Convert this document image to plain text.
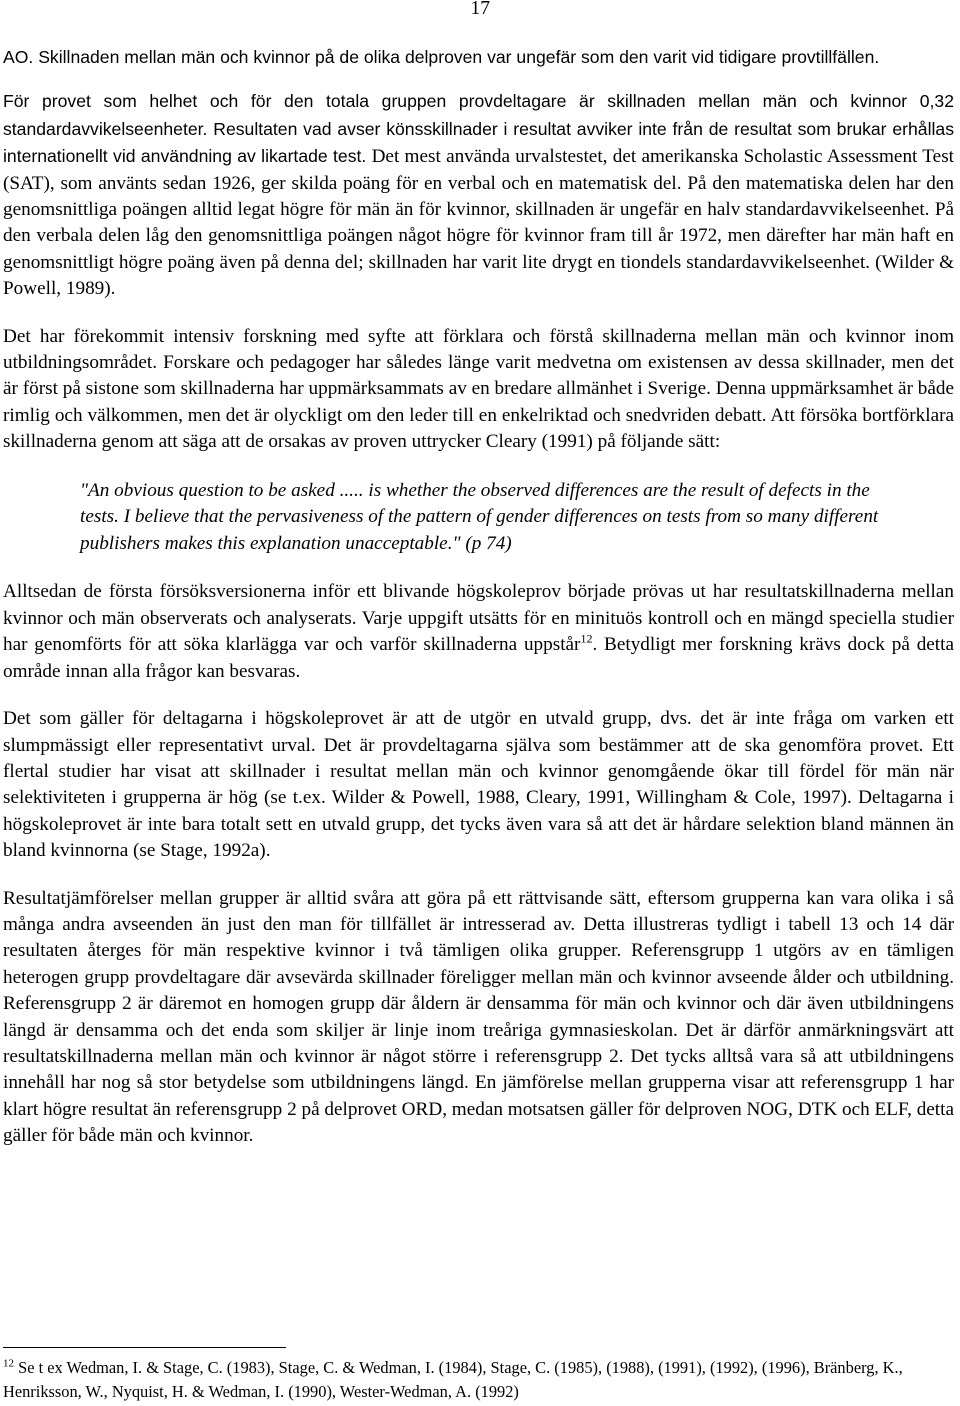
17

AO. Skillnaden mellan män och kvinnor på de olika delproven var ungefär som den varit vid tidigare provtillfällen.

För provet som helhet och för den totala gruppen provdeltagare är skillnaden mellan män och kvinnor 0,32 standardavvikelseenheter. Resultaten vad avser könsskillnader i resultat avviker inte från de resultat som brukar erhållas internationellt vid användning av likartade test. Det mest använda urvalstestet, det amerikanska Scholastic Assessment Test (SAT), som använts sedan 1926, ger skilda poäng för en verbal och en matematisk del. På den matematiska delen har den genomsnittliga poängen alltid legat högre för män än för kvinnor, skillnaden är ungefär en halv standardavvikelseenhet. På den verbala delen låg den genomsnittliga poängen något högre för kvinnor fram till år 1972, men därefter har män haft en genomsnittligt högre poäng även på denna del; skillnaden har varit lite drygt en tiondels standardavvikelseenhet. (Wilder & Powell, 1989).

Det har förekommit intensiv forskning med syfte att förklara och förstå skillnaderna mellan män och kvinnor inom utbildningsområdet. Forskare och pedagoger har således länge varit medvetna om existensen av dessa skillnader, men det är först på sistone som skillnaderna har uppmärksammats av en bredare allmänhet i Sverige. Denna uppmärksamhet är både rimlig och välkommen, men det är olyckligt om den leder till en enkelriktad och snedvriden debatt. Att försöka bortförklara skillnaderna genom att säga att de orsakas av proven uttrycker Cleary (1991) på följande sätt:

"An obvious question to be asked ..... is whether the observed differences are the result of defects in the tests. I believe that the pervasiveness of the pattern of gender differences on tests from so many different publishers makes this explanation unacceptable." (p 74)

Alltsedan de första försöksversionerna inför ett blivande högskoleprov började prövas ut har resultatskillnaderna mellan kvinnor och män observerats och analyserats. Varje uppgift utsätts för en minituös kontroll och en mängd speciella studier har genomförts för att söka klarlägga var och varför skillnaderna uppstår$^{12}$. Betydligt mer forskning krävs dock på detta område innan alla frågor kan besvaras.

Det som gäller för deltagarna i högskoleprovet är att de utgör en utvald grupp, dvs. det är inte fråga om varken ett slumpmässigt eller representativt urval. Det är provdeltagarna själva som bestämmer att de ska genomföra provet. Ett flertal studier har visat att skillnader i resultat mellan män och kvinnor genomgående ökar till fördel för män när selektiviteten i grupperna är hög (se t.ex. Wilder & Powell, 1988, Cleary, 1991, Willingham & Cole, 1997). Deltagarna i högskoleprovet är inte bara totalt sett en utvald grupp, det tycks även vara så att det är hårdare selektion bland männen än bland kvinnorna (se Stage, 1992a).

Resultatjämförelser mellan grupper är alltid svåra att göra på ett rättvisande sätt, eftersom grupperna kan vara olika i så många andra avseenden än just den man för tillfället är intresserad av. Detta illustreras tydligt i tabell 13 och 14 där resultaten återges för män respektive kvinnor i två tämligen olika grupper. Referensgrupp 1 utgörs av en tämligen heterogen grupp provdeltagare där avsevärda skillnader föreligger mellan män och kvinnor avseende ålder och utbildning. Referensgrupp 2 är däremot en homogen grupp där åldern är densamma för män och kvinnor och där även utbildningens längd är densamma och det enda som skiljer är linje inom treåriga gymnasieskolan. Det är därför anmärkningsvärt att resultatskillnaderna mellan män och kvinnor är något större i referensgrupp 2. Det tycks alltså vara så att utbildningens innehåll har nog så stor betydelse som utbildningens längd. En jämförelse mellan grupperna visar att referensgrupp 1 har klart högre resultat än referensgrupp 2 på delprovet ORD, medan motsatsen gäller för delproven NOG, DTK och ELF, detta gäller för både män och kvinnor.

$^{12}$ Se t ex Wedman, I. & Stage, C. (1983), Stage, C. & Wedman, I. (1984), Stage, C. (1985), (1988), (1991), (1992), (1996), Bränberg, K., Henriksson, W., Nyquist, H. & Wedman, I. (1990), Wester-Wedman, A. (1992)
